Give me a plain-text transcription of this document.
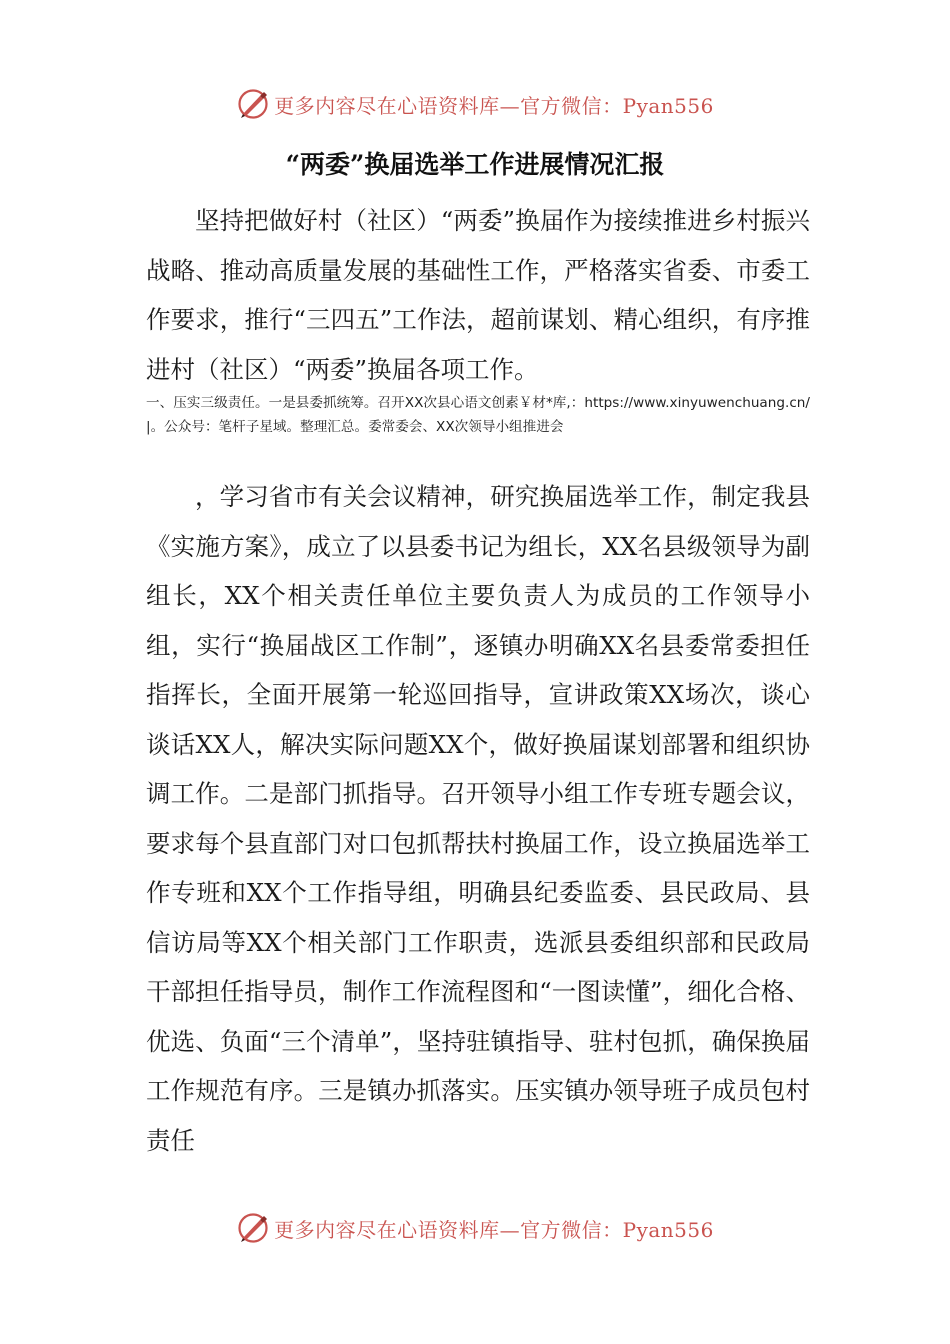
更多内容尽在心语资料库—官方微信：Pyan556
“两委”换届选举工作进展情况汇报

坚持把做好村（社区）“两委”换届作为接续推进乡村振兴战略、推动高质量发展的基础性工作，严格落实省委、市委工作要求，推行“三四五”工作法，超前谋划、精心组织，有序推进村（社区）“两委”换届各项工作。

一、压实三级责任。一是县委抓统筹。召开XX次县心语文创素￥材*库,：https://www.xinyuwenchuang.cn/|。公众号：笔杆子星域。整理汇总。委常委会、XX次领导小组推进会

，学习省市有关会议精神，研究换届选举工作，制定我县《实施方案》，成立了以县委书记为组长，XX名县级领导为副组长，XX个相关责任单位主要负责人为成员的工作领导小组，实行“换届战区工作制”，逐镇办明确XX名县委常委担任指挥长，全面开展第一轮巡回指导，宣讲政策XX场次，谈心谈话XX人，解决实际问题XX个，做好换届谋划部署和组织协调工作。二是部门抓指导。召开领导小组工作专班专题会议，要求每个县直部门对口包抓帮扶村换届工作，设立换届选举工作专班和XX个工作指导组，明确县纪委监委、县民政局、县信访局等XX个相关部门工作职责，选派县委组织部和民政局干部担任指导员，制作工作流程图和“一图读懂”，细化合格、优选、负面“三个清单”，坚持驻镇指导、驻村包抓，确保换届工作规范有序。三是镇办抓落实。压实镇办领导班子成员包村责任

更多内容尽在心语资料库—官方微信：Pyan556
